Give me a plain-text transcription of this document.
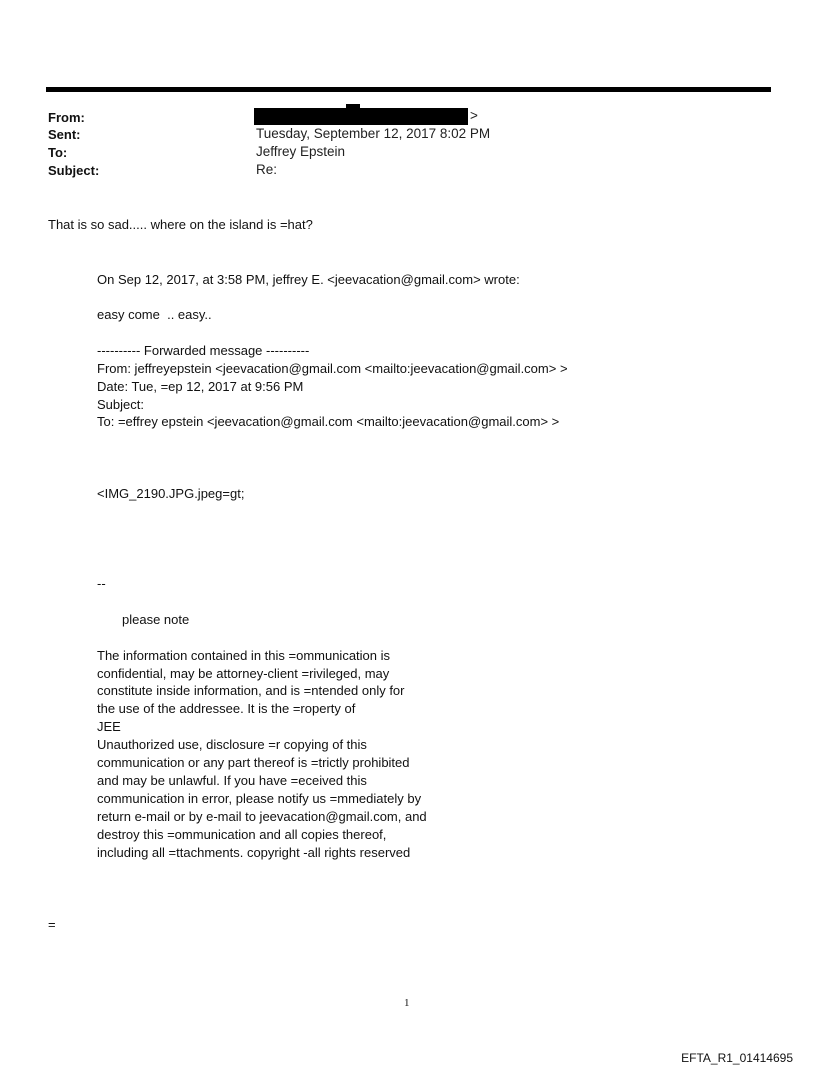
From:	>
Sent:	Tuesday, September 12, 2017 8:02 PM
To:	Jeffrey Epstein
Subject:	Re:
That is so sad..... where on the island is =hat?
On Sep 12, 2017, at 3:58 PM, jeffrey E. <jeevacation@gmail.com> wrote:
easy come  .. easy..
---------- Forwarded message ----------
From: jeffreyepstein <jeevacation@gmail.com <mailto:jeevacation@gmail.com> >
Date: Tue, =ep 12, 2017 at 9:56 PM
Subject:
To: =effrey epstein <jeevacation@gmail.com <mailto:jeevacation@gmail.com> >
<IMG_2190.JPG.jpeg=gt;
--
please note
The information contained in this =ommunication is
confidential, may be attorney-client =rivileged, may
constitute inside information, and is =ntended only for
the use of the addressee. It is the =roperty of
JEE
Unauthorized use, disclosure =r copying of this
communication or any part thereof is =trictly prohibited
and may be unlawful. If you have =eceived this
communication in error, please notify us =mmediately by
return e-mail or by e-mail to jeevacation@gmail.com, and
destroy this =ommunication and all copies thereof,
including all =ttachments. copyright -all rights reserved
=
1
EFTA_R1_01414695
